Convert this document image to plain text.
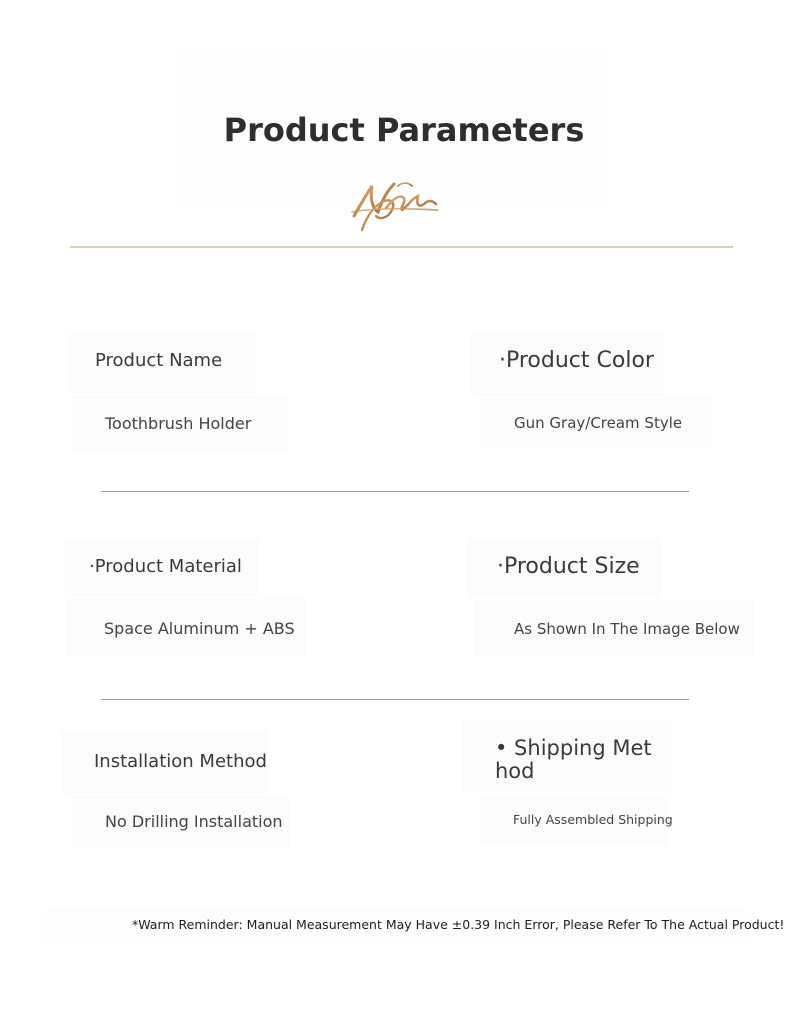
Product Parameters
Product Name
Toothbrush Holder
·Product Color
Gun Gray/Cream Style
·Product Material
Space Aluminum + ABS
·Product Size
As Shown In The Image Below
Installation Method
No Drilling Installation
• Shipping Method
Fully Assembled Shipping
*Warm Reminder: Manual Measurement May Have ±0.39 Inch Error, Please Refer To The Actual Product!
